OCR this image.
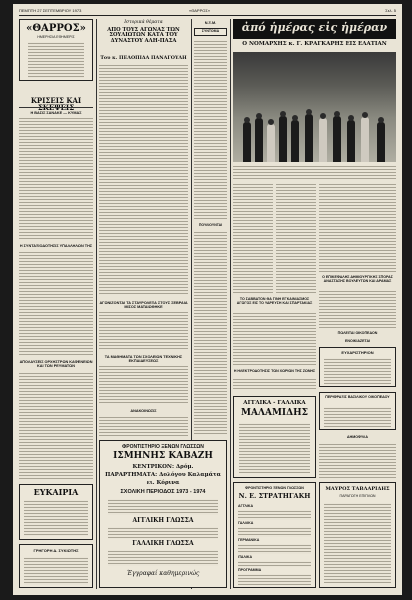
ΠΕΜΠΤΗ 27 ΣΕΠΤΕΜΒΡΙΟΥ 1973	«ΘΑΡΡΟΣ»	Σελ. 5
«ΘΑΡΡΟΣ»
ΗΜΕΡΗΣΙΑ ΕΦΗΜΕΡΙΣ
ΚΡΙΣΕΙΣ ΚΑΙ
Η ΒΑΣΙΣ ΣΑΝΑΚΕ — ΚΥΜΑΣ
Η ΣΥΝΤΑΞΙΟΔΟΤΗΣΙΣ ΥΠΑΛΛΗΛΩΝ ΤΗΣ
ΑΠΟΛΑΥΣΕΙΣ ΟΡΧΗΣΤΡΩΝ ΚΑΦΕΝΕΙΩΝ ΚΑΙ ΤΩΝ ΡΕΥΜΑΤΩΝ
ΕΥΚΑΙΡΙΑ
ΓΡΗΓΟΡΗ Δ. ΣΥΚΙΩΤΗΣ
Ιστορικά θέματα
ΑΠΟ ΤΟΥΣ ΑΓΩΝΑΣ ΤΩΝ ΣΟΥΛΙΩΤΩΝ ΚΑΤΑ ΤΟΥ ΔΥΝΑΣΤΟΥ ΑΛΗ-ΠΑΣΑ
Του κ. ΠΕΛΟΠΙΔΑ ΠΑΝΑΓΟΥΛΗ
ΑΓΩΝΙΖΟΝΤΑΙ ΤΑ ΣΤΑΥΡΟΛΕΞΑ ΣΤΟΥΣ ΣΕΒΡΑΙΑ ΜΙΣΟΣ ΜΑΤΑΙΩΘΗΚΕ
ΤΑ ΜΑΘΗΜΑΤΑ ΤΩΝ ΣΧΟΛΕΙΩΝ ΤΕΧΝΙΚΗΣ ΕΚΠΑΙΔΕΥΣΕΩΣ
ΑΝΑΚΟΙΝΩΣΙΣ
Ν.Ξ.Μ.
ΣΥΝΤΟΜΑ
ΠΟΥΛΙΟΥΝΤΑΙ
ΦΡΟΝΤΙΣΤΗΡΙΟ ΞΕΝΩΝ ΓΛΩΣΣΩΝ
ΙΣΜΗΝΗΣ ΚΑΒΑΖΗ
ΚΕΝΤΡΙΚΟΝ: Δρόμ.
ΠΑΡΑΡΤΗΜΑΤΑ: Δολόγου Καλαμάτα
ει. Κόρινα
ΣΧΟΛΙΚΗ ΠΕΡΙΟΔΟΣ 1973 - 1974
ΑΓΓΛΙΚΗ ΓΛΩΣΣΑ
ΓΑΛΛΙΚΗ ΓΛΩΣΣΑ
Έγγραφαί καθημερινώς
ἀπό ἡμέρας εἰς ἡμέραν
Ο ΝΟΜΑΡΧΗΣ κ. Γ. ΚΡΑΓΚΑΡΗΣ ΕΙΣ ΕΛΑΤΙΑΝ
ΤΟ ΣΑΒΒΑΤΟΝ ΘΑ ΓΙΝΗ ΕΓΚΑΙΝΙΑΣΜΟΣ ΑΓΩΓΟΣ ΕΙΣ ΤΟ ΥΔΡΕΥΣΗ ΚΑΙ ΣΠΑΡΤΑΚΙΑΣ
Ο ΕΠΙΚΕΦΑΛΗΣ ΔΗΜΙΟΥΡΓΙΚΗΣ ΣΠΟΡΑΣ ΑΝΑΣΤΑΣΗΣ ΒΟΥΛΕΥΤΩΝ ΚΑΙ ΔΡΑΜΑΣ
ΠΩΛΕΙΤΑΙ ΟΙΚΟΠΕΔΟΝ
Η ΗΛΕΚΤΡΟΔΟΤΗΣΙΣ ΤΩΝ ΧΩΡΙΩΝ ΤΗΣ ΖΩΝΗΣ
ΑΓΓΛΙΚΑ - ΓΑΛΛΙΚΑ
ΜΑΛΑΜΙΔΗΣ
ΦΡΟΝΤΙΣΤΗΡΙΟ ΞΕΝΩΝ ΓΛΩΣΣΩΝ
Ν. Ε. ΣΤΡΑΤΗΓΑΚΗ
ΑΓΓΛΙΚΑ
ΓΑΛΛΙΚΑ
ΓΕΡΜΑΝΙΚΑ
ΙΤΑΛΙΚΑ
ΠΡΟΓΡΑΜΜΑ
ΕΝΟΙΚΙΑΖΕΤΑΙ
ΕΥΧΑΡΙΣΤΗΡΙΟΝ
ΠΕΡΙΦΡΑΞΙΣ ΒΑΣΙΛΙΚΟΥ ΟΙΚΟΠΕΔΟΥ
ΔΗΜΟΦΥΛΑ
ΜΑΥΡΟΣ ΤΑΒΛΑΡΙΔΗΣ
ΠΑΡΑΓΩΓΗ ΕΠΙΠΛΩΝ
